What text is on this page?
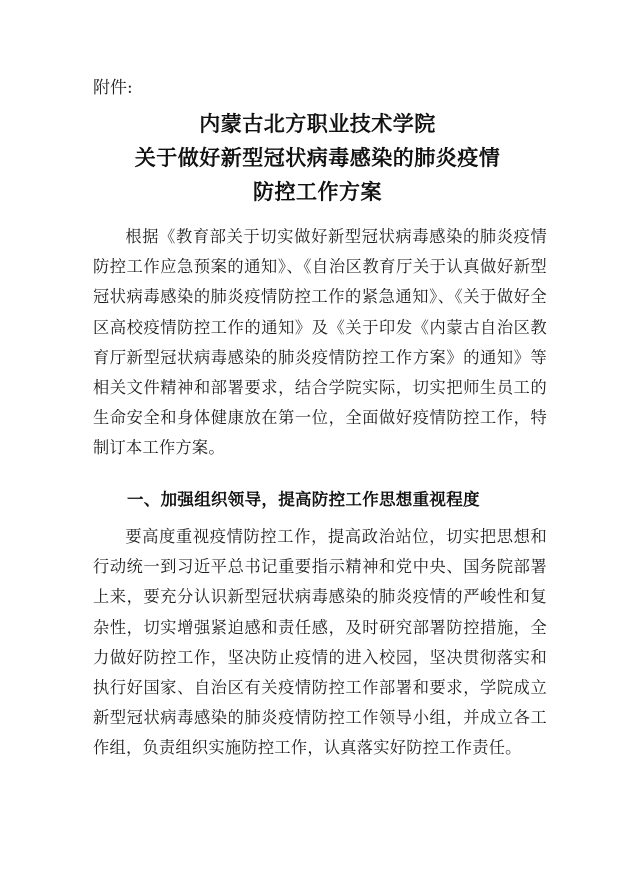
附件:
内蒙古北方职业技术学院
关于做好新型冠状病毒感染的肺炎疫情
防控工作方案

根据《教育部关于切实做好新型冠状病毒感染的肺炎疫情防控工作应急预案的通知》、《自治区教育厅关于认真做好新型冠状病毒感染的肺炎疫情防控工作的紧急通知》、《关于做好全区高校疫情防控工作的通知》及《关于印发《内蒙古自治区教育厅新型冠状病毒感染的肺炎疫情防控工作方案》的通知》等相关文件精神和部署要求，结合学院实际，切实把师生员工的生命安全和身体健康放在第一位，全面做好疫情防控工作，特制订本工作方案。

一、加强组织领导，提高防控工作思想重视程度

要高度重视疫情防控工作，提高政治站位，切实把思想和行动统一到习近平总书记重要指示精神和党中央、国务院部署上来，要充分认识新型冠状病毒感染的肺炎疫情的严峻性和复杂性，切实增强紧迫感和责任感，及时研究部署防控措施，全力做好防控工作，坚决防止疫情的进入校园，坚决贯彻落实和执行好国家、自治区有关疫情防控工作部署和要求，学院成立新型冠状病毒感染的肺炎疫情防控工作领导小组，并成立各工作组，负责组织实施防控工作，认真落实好防控工作责任。
